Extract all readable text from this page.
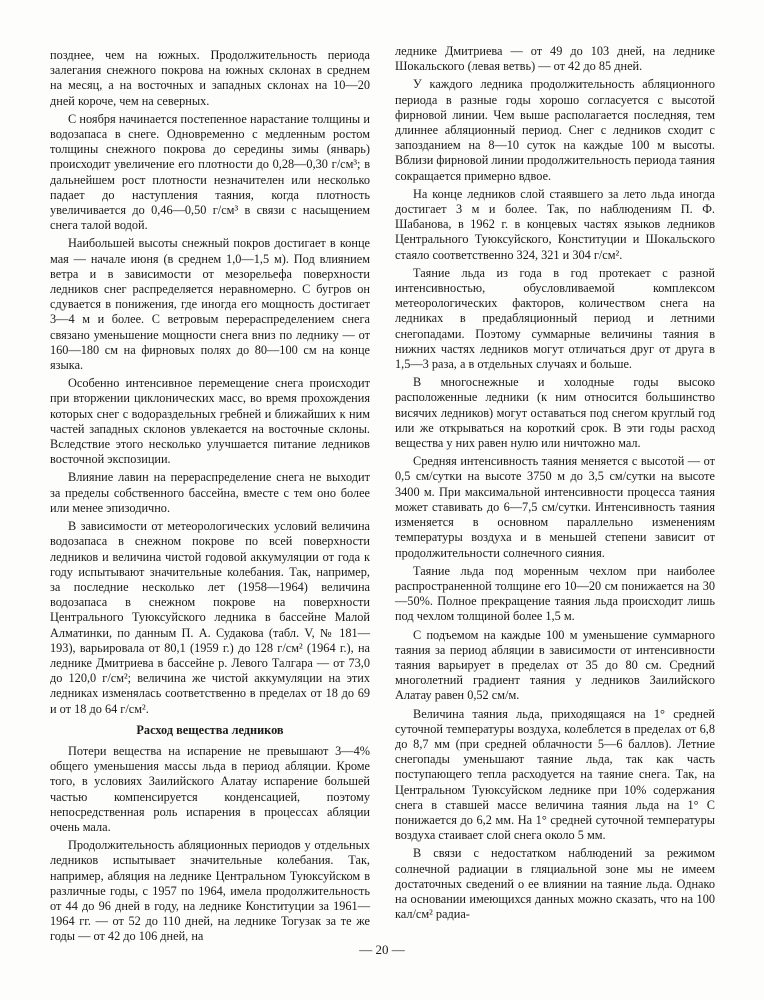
позднее, чем на южных. Продолжительность периода залегания снежного покрова на южных склонах в среднем на месяц, а на восточных и западных склонах на 10—20 дней короче, чем на северных.

С ноября начинается постепенное нарастание толщины и водозапаса в снеге. Одновременно с медленным ростом толщины снежного покрова до середины зимы (январь) происходит увеличение его плотности до 0,28—0,30 г/см³; в дальнейшем рост плотности незначителен или несколько падает до наступления таяния, когда плотность увеличивается до 0,46—0,50 г/см³ в связи с насыщением снега талой водой.

Наибольшей высоты снежный покров достигает в конце мая — начале июня (в среднем 1,0—1,5 м). Под влиянием ветра и в зависимости от мезорельефа поверхности ледников снег распределяется неравномерно. С бугров он сдувается в понижения, где иногда его мощность достигает 3—4 м и более. С ветровым перераспределением снега связано уменьшение мощности снега вниз по леднику — от 160—180 см на фирновых полях до 80—100 см на конце языка.

Особенно интенсивное перемещение снега происходит при вторжении циклонических масс, во время прохождения которых снег с водораздельных гребней и ближайших к ним частей западных склонов увлекается на восточные склоны. Вследствие этого несколько улучшается питание ледников восточной экспозиции.

Влияние лавин на перераспределение снега не выходит за пределы собственного бассейна, вместе с тем оно более или менее эпизодично.

В зависимости от метеорологических условий величина водозапаса в снежном покрове по всей поверхности ледников и величина чистой годовой аккумуляции от года к году испытывают значительные колебания. Так, например, за последние несколько лет (1958—1964) величина водозапаса в снежном покрове на поверхности Центрального Туюксуйского ледника в бассейне Малой Алматинки, по данным П. А. Судакова (табл. V, № 181—193), варьировала от 80,1 (1959 г.) до 128 г/см² (1964 г.), на леднике Дмитриева в бассейне р. Левого Талгара — от 73,0 до 120,0 г/см²; величина же чистой аккумуляции на этих ледниках изменялась соответственно в пределах от 18 до 69 и от 18 до 64 г/см².

Расход вещества ледников

Потери вещества на испарение не превышают 3—4% общего уменьшения массы льда в период абляции. Кроме того, в условиях Заилийского Алатау испарение большей частью компенсируется конденсацией, поэтому непосредственная роль испарения в процессах абляции очень мала.

Продолжительность абляционных периодов у отдельных ледников испытывает значительные колебания. Так, например, абляция на леднике Центральном Туюксуйском в различные годы, с 1957 по 1964, имела продолжительность от 44 до 96 дней в году, на леднике Конституции за 1961—1964 гг. — от 52 до 110 дней, на леднике Тогузак за те же годы — от 42 до 106 дней, на

леднике Дмитриева — от 49 до 103 дней, на леднике Шокальского (левая ветвь) — от 42 до 85 дней.

У каждого ледника продолжительность абляционного периода в разные годы хорошо согласуется с высотой фирновой линии. Чем выше располагается последняя, тем длиннее абляционный период. Снег с ледников сходит с запозданием на 8—10 суток на каждые 100 м высоты. Вблизи фирновой линии продолжительность периода таяния сокращается примерно вдвое.

На конце ледников слой стаявшего за лето льда иногда достигает 3 м и более. Так, по наблюдениям П. Ф. Шабанова, в 1962 г. в концевых частях языков ледников Центрального Туюксуйского, Конституции и Шокальского стаяло соответственно 324, 321 и 304 г/см².

Таяние льда из года в год протекает с разной интенсивностью, обусловливаемой комплексом метеорологических факторов, количеством снега на ледниках в предабляционный период и летними снегопадами. Поэтому суммарные величины таяния в нижних частях ледников могут отличаться друг от друга в 1,5—3 раза, а в отдельных случаях и больше.

В многоснежные и холодные годы высоко расположенные ледники (к ним относится большинство висячих ледников) могут оставаться под снегом круглый год или же открываться на короткий срок. В эти годы расход вещества у них равен нулю или ничтожно мал.

Средняя интенсивность таяния меняется с высотой — от 0,5 см/сутки на высоте 3750 м до 3,5 см/сутки на высоте 3400 м. При максимальной интенсивности процесса таяния может ставивать до 6—7,5 см/сутки. Интенсивность таяния изменяется в основном параллельно изменениям температуры воздуха и в меньшей степени зависит от продолжительности солнечного сияния.

Таяние льда под моренным чехлом при наиболее распространенной толщине его 10—20 см понижается на 30—50%. Полное прекращение таяния льда происходит лишь под чехлом толщиной более 1,5 м.

С подъемом на каждые 100 м уменьшение суммарного таяния за период абляции в зависимости от интенсивности таяния варьирует в пределах от 35 до 80 см. Средний многолетний градиент таяния у ледников Заилийского Алатау равен 0,52 см/м.

Величина таяния льда, приходящаяся на 1° средней суточной температуры воздуха, колеблется в пределах от 6,8 до 8,7 мм (при средней облачности 5—6 баллов). Летние снегопады уменьшают таяние льда, так как часть поступающего тепла расходуется на таяние снега. Так, на Центральном Туюксуйском леднике при 10% содержания снега в ставшей массе величина таяния льда на 1° С понижается до 6,2 мм. На 1° средней суточной температуры воздуха стаивает слой снега около 5 мм.

В связи с недостатком наблюдений за режимом солнечной радиации в гляциальной зоне мы не имеем достаточных сведений о ее влиянии на таяние льда. Однако на основании имеющихся данных можно сказать, что на 100 кал/см² радиа-

— 20 —
